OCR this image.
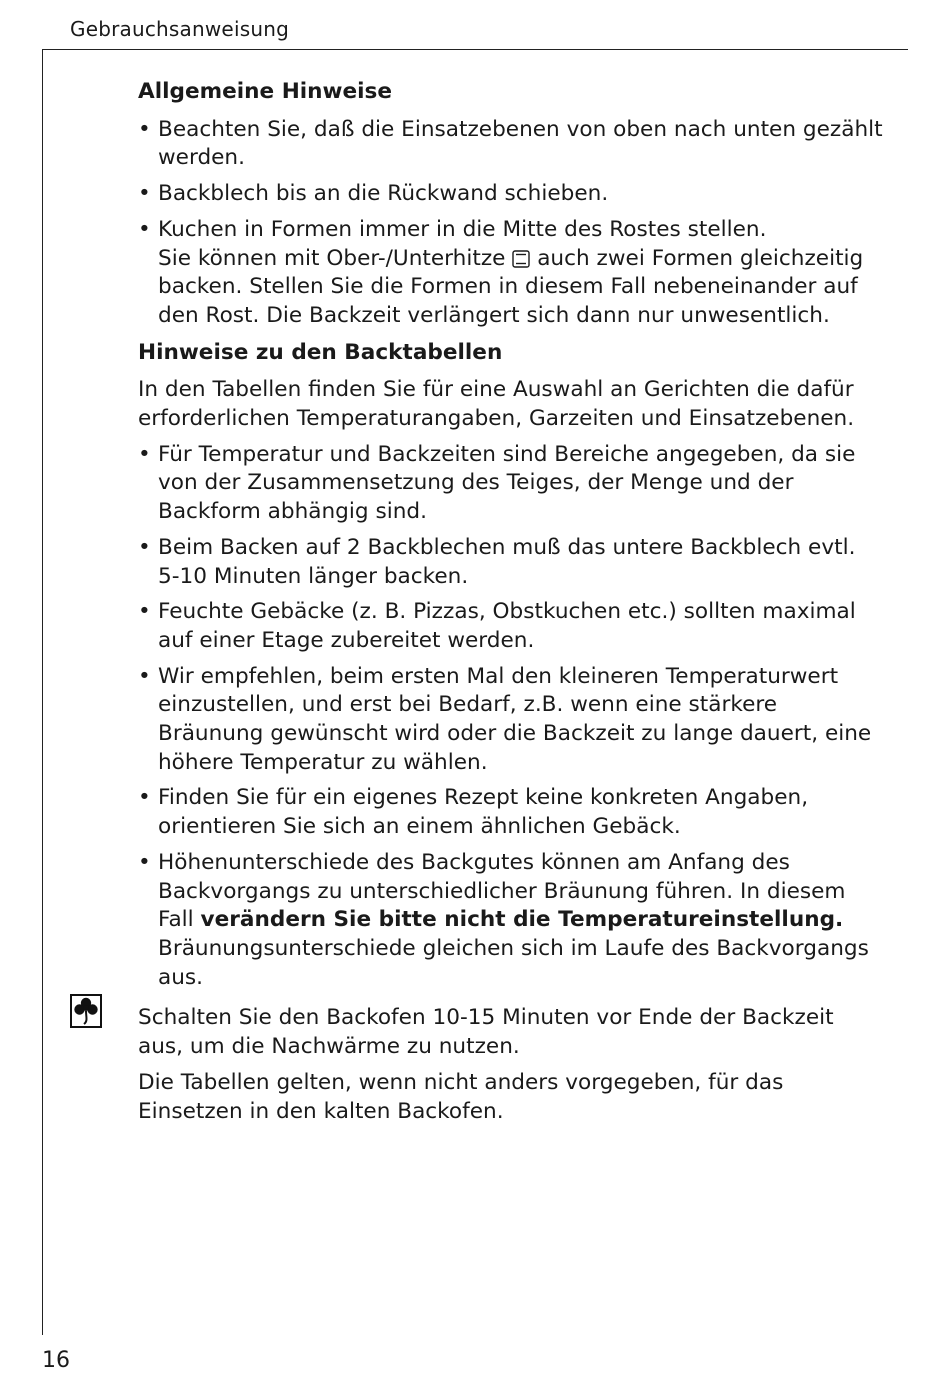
Gebrauchsanweisung
Allgemeine Hinweise
• Beachten Sie, daß die Einsatzebenen von oben nach unten gezählt werden.
• Backblech bis an die Rückwand schieben.
• Kuchen in Formen immer in die Mitte des Rostes stellen.
Sie können mit Ober-/Unterhitze auch zwei Formen gleichzeitig backen. Stellen Sie die Formen in diesem Fall nebeneinander auf den Rost. Die Backzeit verlängert sich dann nur unwesentlich.
Hinweise zu den Backtabellen

In den Tabellen finden Sie für eine Auswahl an Gerichten die dafür erforderlichen Temperaturangaben, Garzeiten und Einsatzebenen.

• Für Temperatur und Backzeiten sind Bereiche angegeben, da sie von der Zusammensetzung des Teiges, der Menge und der Backform abhängig sind.
• Beim Backen auf 2 Backblechen muß das untere Backblech evtl. 5-10 Minuten länger backen.
• Feuchte Gebäcke (z. B. Pizzas, Obstkuchen etc.) sollten maximal auf einer Etage zubereitet werden.
• Wir empfehlen, beim ersten Mal den kleineren Temperaturwert einzustellen, und erst bei Bedarf, z.B. wenn eine stärkere Bräunung gewünscht wird oder die Backzeit zu lange dauert, eine höhere Temperatur zu wählen.
• Finden Sie für ein eigenes Rezept keine konkreten Angaben, orientieren Sie sich an einem ähnlichen Gebäck.
• Höhenunterschiede des Backgutes können am Anfang des Backvorgangs zu unterschiedlicher Bräunung führen. In diesem Fall verändern Sie bitte nicht die Temperatureinstellung. Bräunungsunterschiede gleichen sich im Laufe des Backvorgangs aus.

Schalten Sie den Backofen 10-15 Minuten vor Ende der Backzeit aus, um die Nachwärme zu nutzen.

Die Tabellen gelten, wenn nicht anders vorgegeben, für das Einsetzen in den kalten Backofen.

16
